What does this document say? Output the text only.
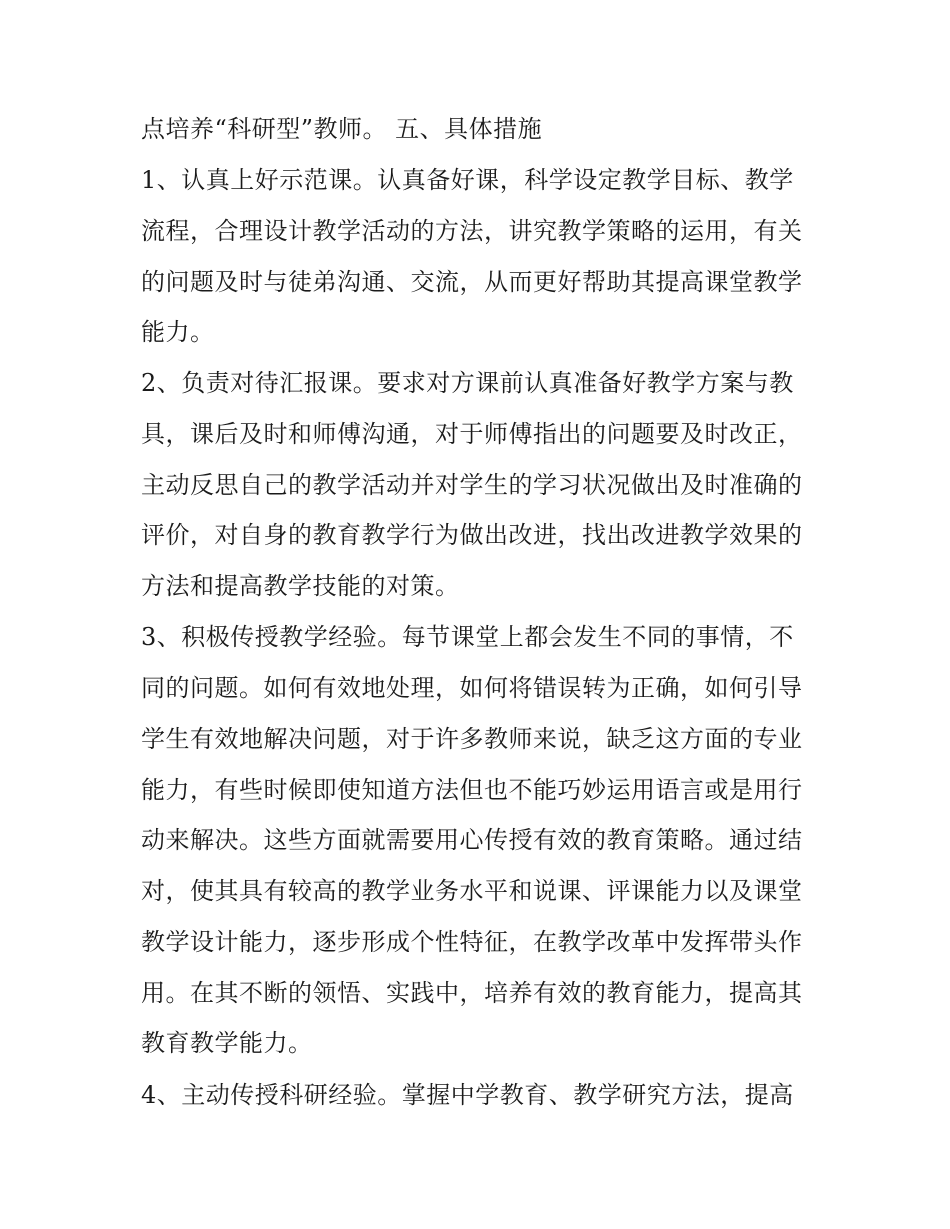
点培养“科研型”教师。 五、具体措施
1、认真上好示范课。认真备好课，科学设定教学目标、教学
流程，合理设计教学活动的方法，讲究教学策略的运用，有关
的问题及时与徒弟沟通、交流，从而更好帮助其提高课堂教学
能力。
2、负责对待汇报课。要求对方课前认真准备好教学方案与教
具，课后及时和师傅沟通，对于师傅指出的问题要及时改正，
主动反思自己的教学活动并对学生的学习状况做出及时准确的
评价，对自身的教育教学行为做出改进，找出改进教学效果的
方法和提高教学技能的对策。
3、积极传授教学经验。每节课堂上都会发生不同的事情，不
同的问题。如何有效地处理，如何将错误转为正确，如何引导
学生有效地解决问题，对于许多教师来说，缺乏这方面的专业
能力，有些时候即使知道方法但也不能巧妙运用语言或是用行
动来解决。这些方面就需要用心传授有效的教育策略。通过结
对，使其具有较高的教学业务水平和说课、评课能力以及课堂
教学设计能力，逐步形成个性特征，在教学改革中发挥带头作
用。在其不断的领悟、实践中，培养有效的教育能力，提高其
教育教学能力。
4、主动传授科研经验。掌握中学教育、教学研究方法，提高
